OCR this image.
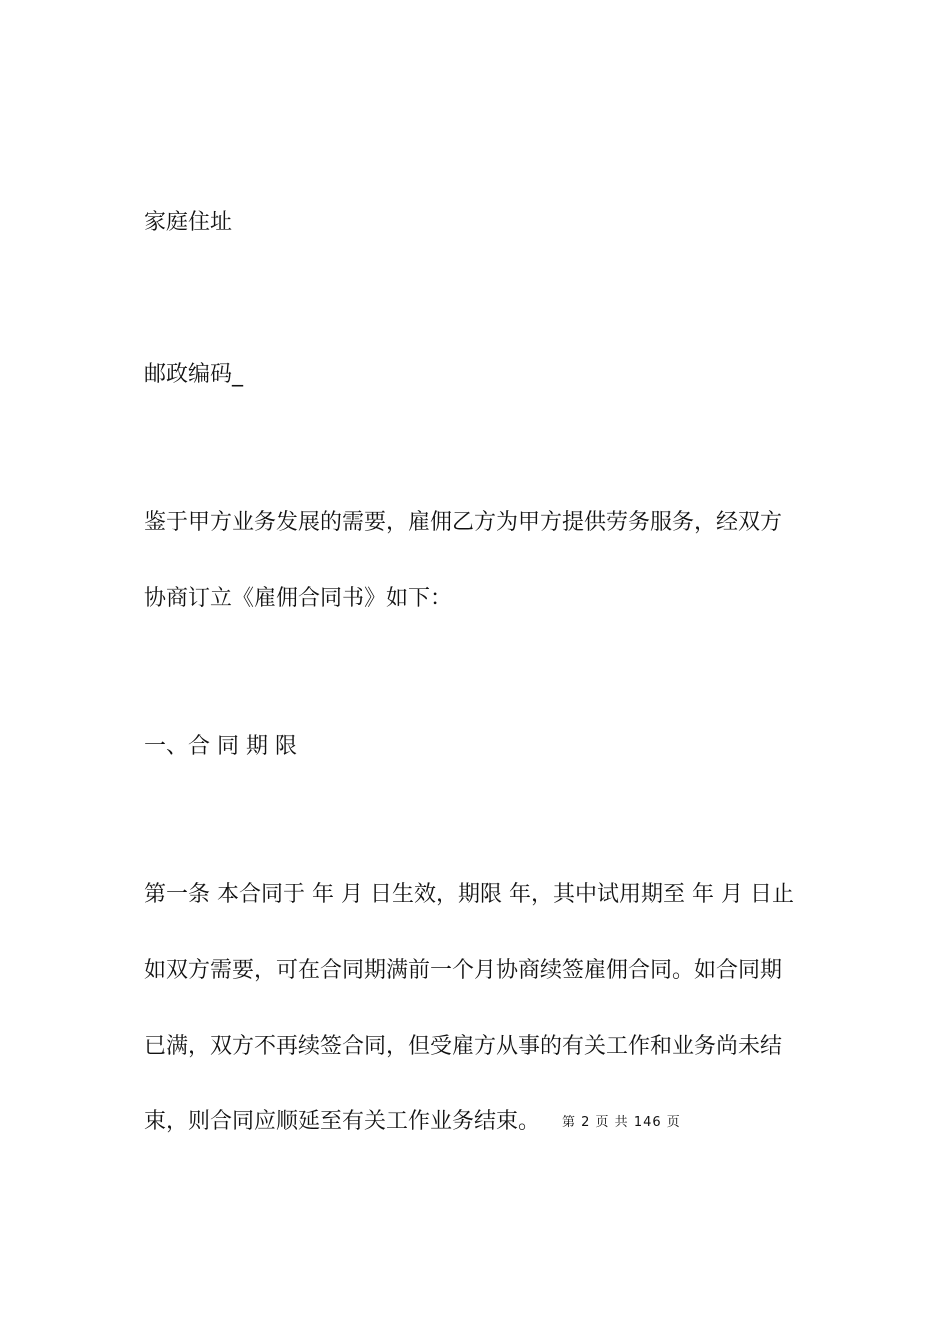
家庭住址
邮政编码_
鉴于甲方业务发展的需要，雇佣乙方为甲方提供劳务服务，经双方
协商订立《雇佣合同书》如下：
一、合 同 期 限
第一条 本合同于 年 月 日生效，期限 年，其中试用期至 年 月 日止
如双方需要，可在合同期满前一个月协商续签雇佣合同。如合同期
已满，双方不再续签合同，但受雇方从事的有关工作和业务尚未结
束，则合同应顺延至有关工作业务结束。 第 2 页 共 146 页
